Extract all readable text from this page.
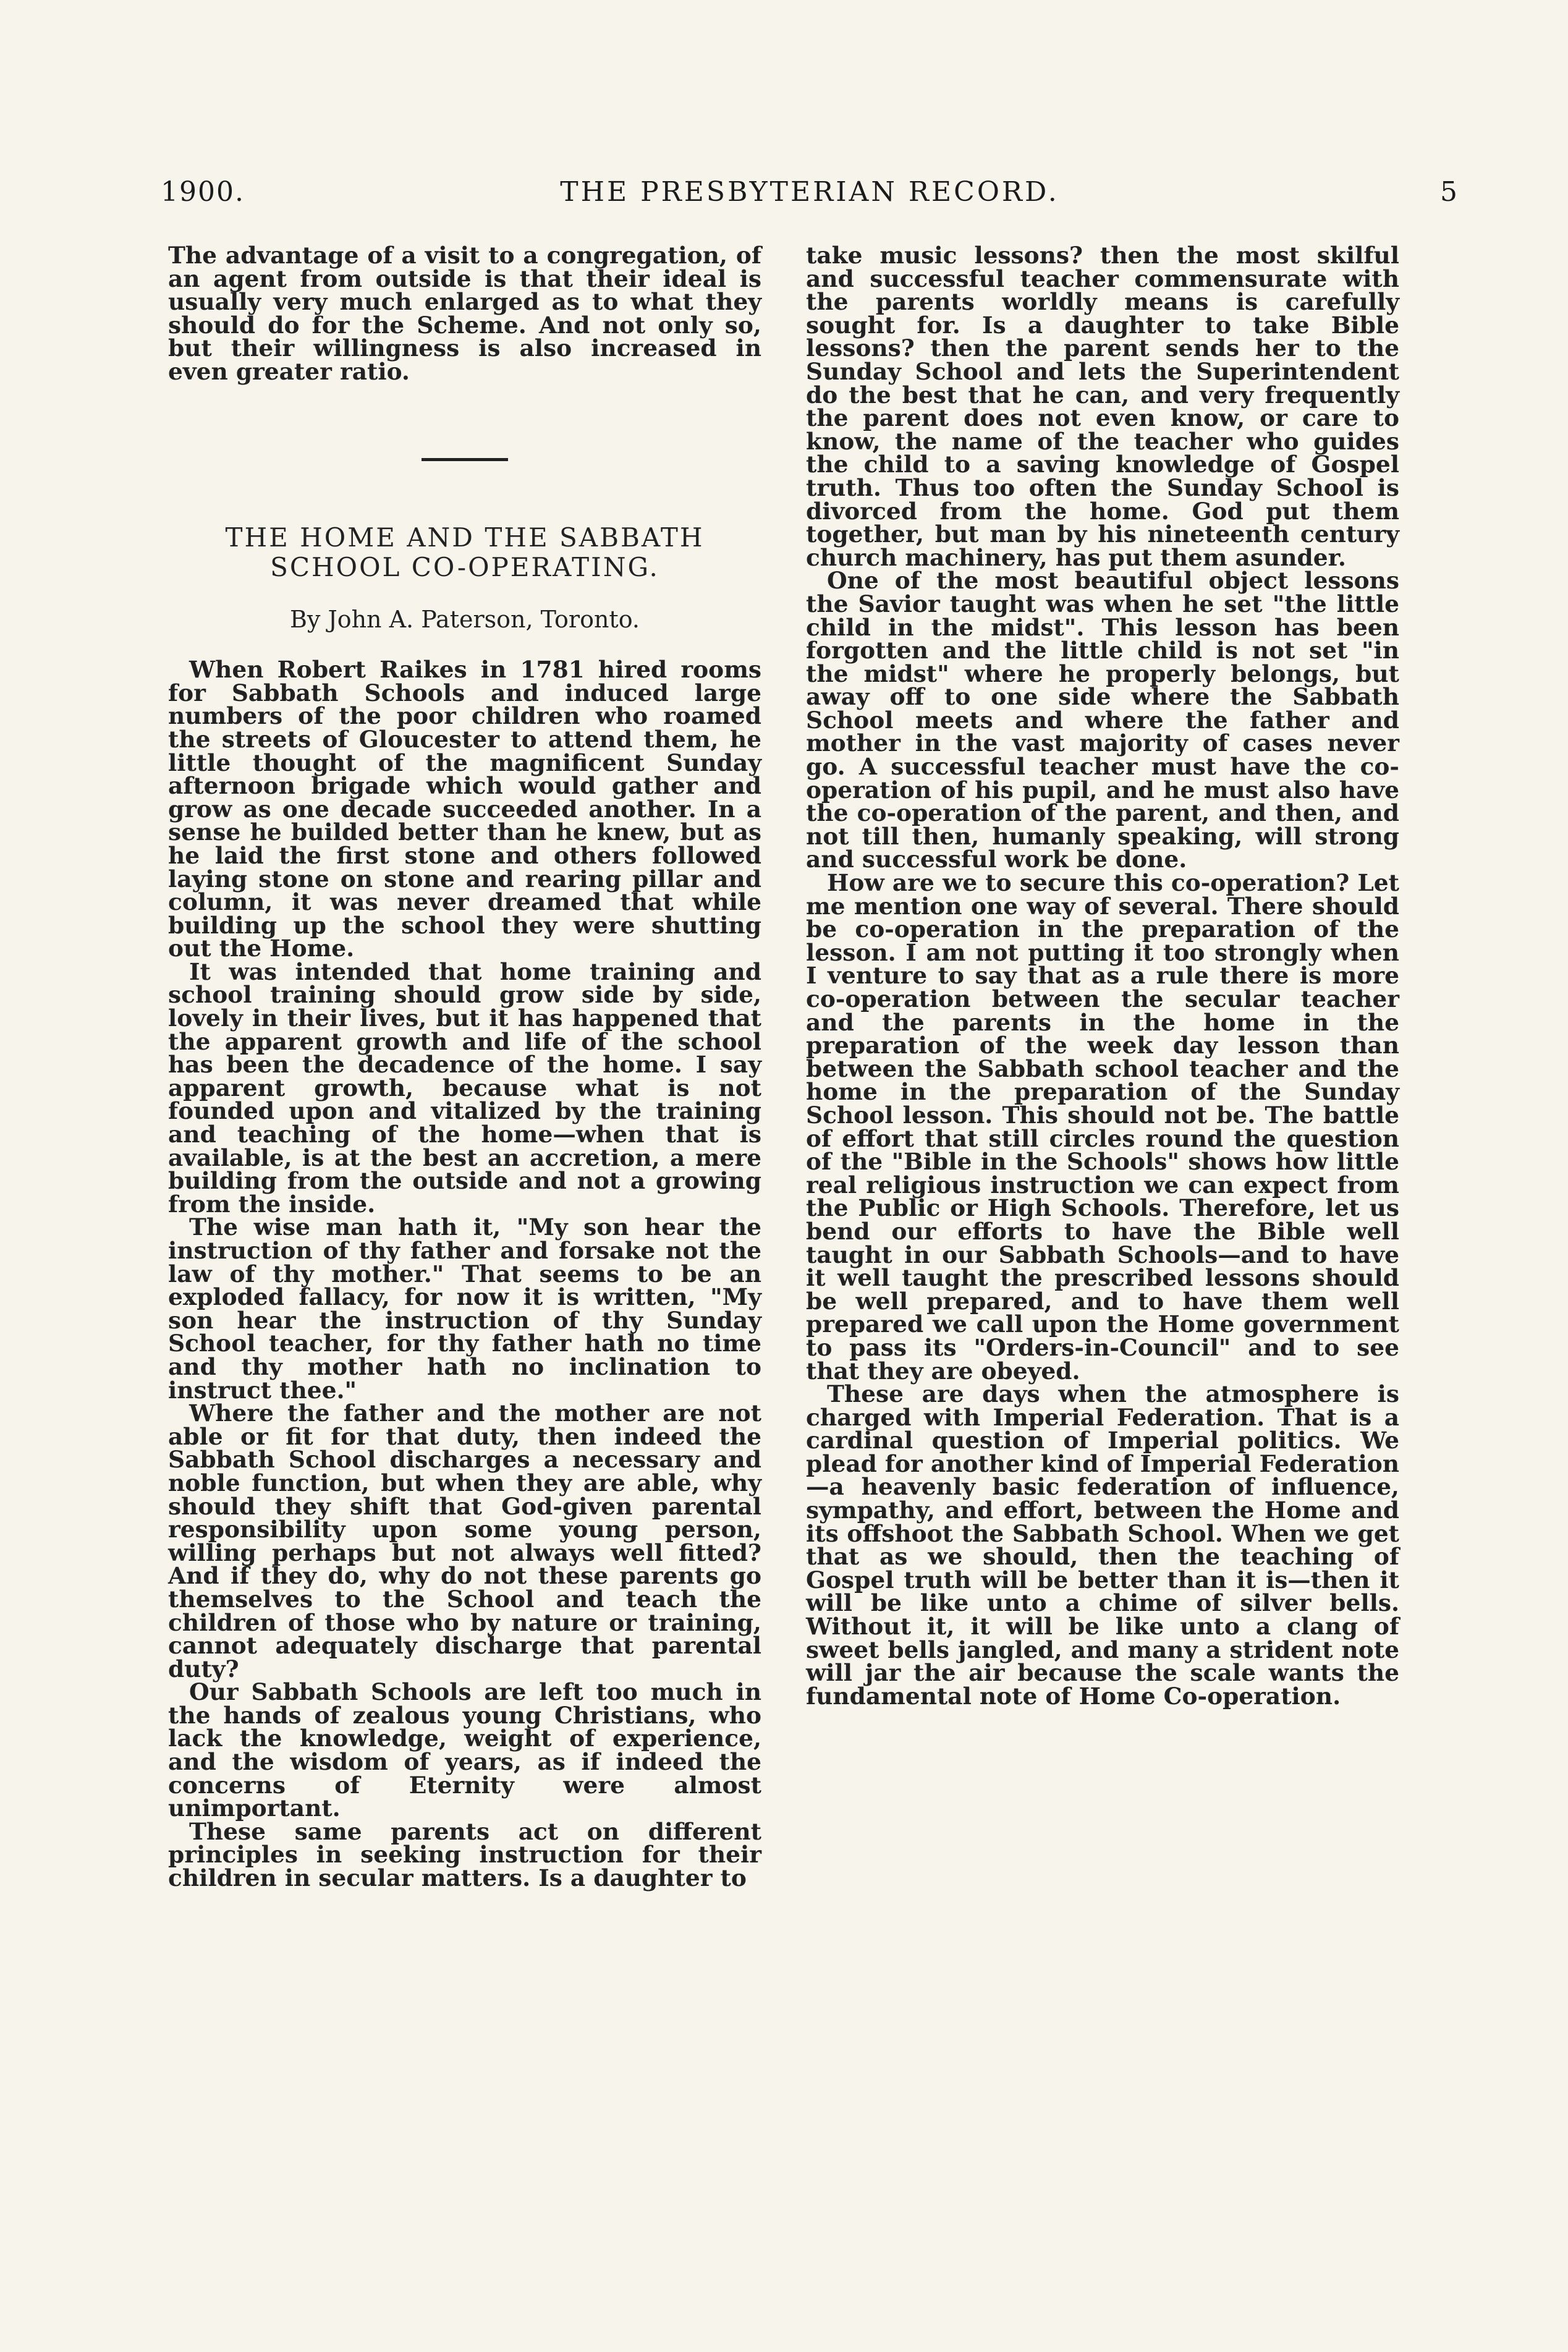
1900.	THE PRESBYTERIAN RECORD.	5

The advantage of a visit to a congregation, of an agent from outside is that their ideal is usually very much enlarged as to what they should do for the Scheme. And not only so, but their willingness is also increased in even greater ratio.

THE HOME AND THE SABBATH
SCHOOL CO-OPERATING.
By John A. Paterson, Toronto.

When Robert Raikes in 1781 hired rooms for Sabbath Schools and induced large numbers of the poor children who roamed the streets of Gloucester to attend them, he little thought of the magnificent Sunday afternoon brigade which would gather and grow as one decade succeeded another. In a sense he builded better than he knew, but as he laid the first stone and others followed laying stone on stone and rearing pillar and column, it was never dreamed that while building up the school they were shutting out the Home.

It was intended that home training and school training should grow side by side, lovely in their lives, but it has happened that the apparent growth and life of the school has been the decadence of the home. I say apparent growth, because what is not founded upon and vitalized by the training and teaching of the home—when that is available, is at the best an accretion, a mere building from the outside and not a growing from the inside.

The wise man hath it, "My son hear the instruction of thy father and forsake not the law of thy mother." That seems to be an exploded fallacy, for now it is written, "My son hear the instruction of thy Sunday School teacher, for thy father hath no time and thy mother hath no inclination to instruct thee."

Where the father and the mother are not able or fit for that duty, then indeed the Sabbath School discharges a necessary and noble function, but when they are able, why should they shift that God-given parental responsibility upon some young person, willing perhaps but not always well fitted? And if they do, why do not these parents go themselves to the School and teach the children of those who by nature or training, cannot adequately discharge that parental duty?

Our Sabbath Schools are left too much in the hands of zealous young Christians, who lack the knowledge, weight of experience, and the wisdom of years, as if indeed the concerns of Eternity were almost unimportant.

These same parents act on different principles in seeking instruction for their children in secular matters. Is a daughter to

take music lessons? then the most skilful and successful teacher commensurate with the parents worldly means is carefully sought for. Is a daughter to take Bible lessons? then the parent sends her to the Sunday School and lets the Superintendent do the best that he can, and very frequently the parent does not even know, or care to know, the name of the teacher who guides the child to a saving knowledge of Gospel truth. Thus too often the Sunday School is divorced from the home. God put them together, but man by his nineteenth century church machinery, has put them asunder.

One of the most beautiful object lessons the Savior taught was when he set "the little child in the midst". This lesson has been forgotten and the little child is not set "in the midst" where he properly belongs, but away off to one side where the Sabbath School meets and where the father and mother in the vast majority of cases never go. A successful teacher must have the co-operation of his pupil, and he must also have the co-operation of the parent, and then, and not till then, humanly speaking, will strong and successful work be done.

How are we to secure this co-operation? Let me mention one way of several. There should be co-operation in the preparation of the lesson. I am not putting it too strongly when I venture to say that as a rule there is more co-operation between the secular teacher and the parents in the home in the preparation of the week day lesson than between the Sabbath school teacher and the home in the preparation of the Sunday School lesson. This should not be. The battle of effort that still circles round the question of the "Bible in the Schools" shows how little real religious instruction we can expect from the Public or High Schools. Therefore, let us bend our efforts to have the Bible well taught in our Sabbath Schools—and to have it well taught the prescribed lessons should be well prepared, and to have them well prepared we call upon the Home government to pass its "Orders-in-Council" and to see that they are obeyed.

These are days when the atmosphere is charged with Imperial Federation. That is a cardinal question of Imperial politics. We plead for another kind of Imperial Federation—a heavenly basic federation of influence, sympathy, and effort, between the Home and its offshoot the Sabbath School. When we get that as we should, then the teaching of Gospel truth will be better than it is—then it will be like unto a chime of silver bells. Without it, it will be like unto a clang of sweet bells jangled, and many a strident note will jar the air because the scale wants the fundamental note of Home Co-operation.
